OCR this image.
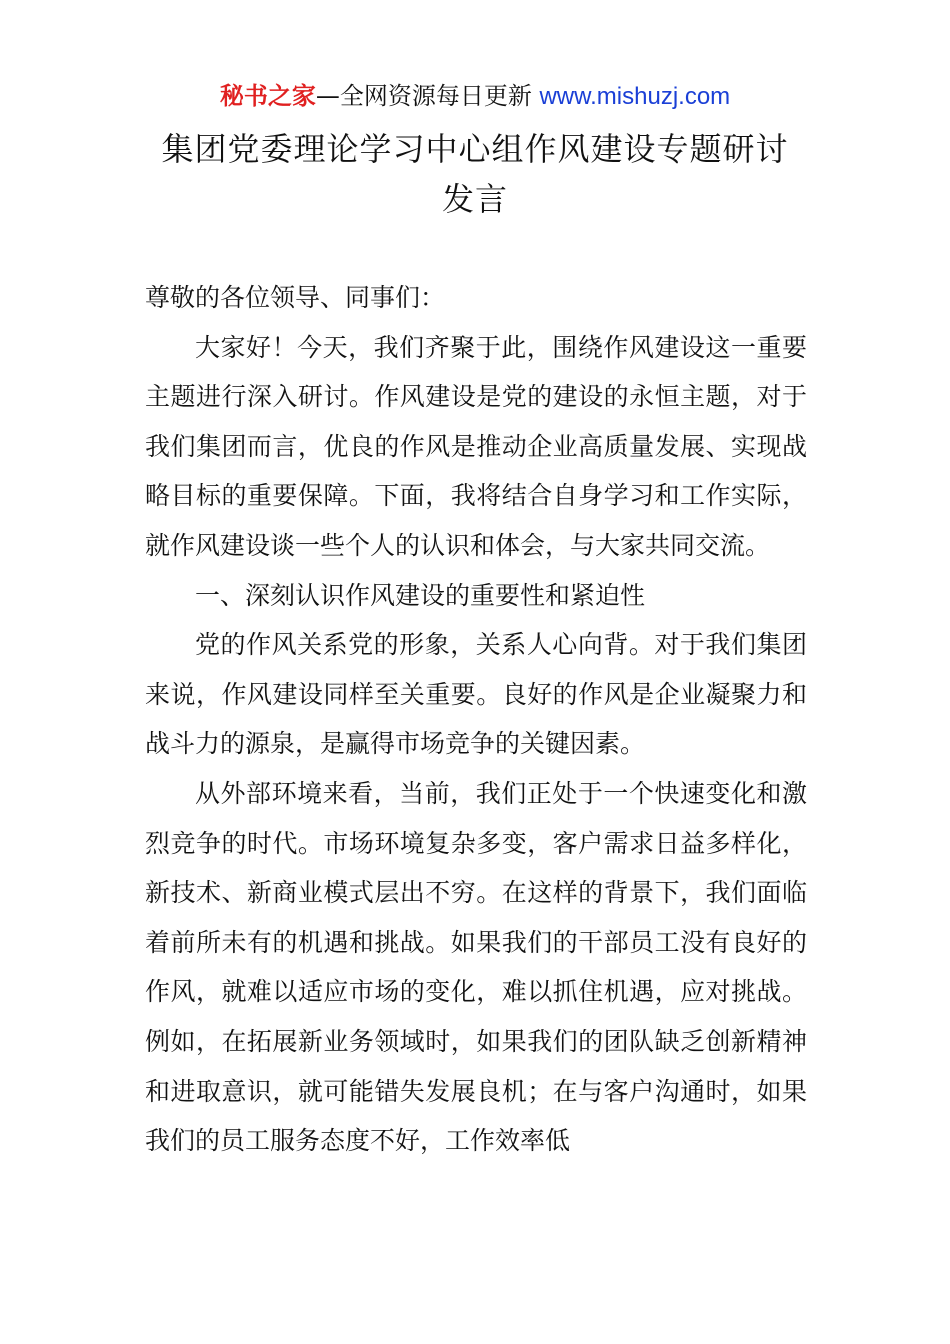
秘书之家—全网资源每日更新 www.mishuzj.com
集团党委理论学习中心组作风建设专题研讨
发言

尊敬的各位领导、同事们：

大家好！今天，我们齐聚于此，围绕作风建设这一重要主题进行深入研讨。作风建设是党的建设的永恒主题，对于我们集团而言，优良的作风是推动企业高质量发展、实现战略目标的重要保障。下面，我将结合自身学习和工作实际，就作风建设谈一些个人的认识和体会，与大家共同交流。

一、深刻认识作风建设的重要性和紧迫性

党的作风关系党的形象，关系人心向背。对于我们集团来说，作风建设同样至关重要。良好的作风是企业凝聚力和战斗力的源泉，是赢得市场竞争的关键因素。

从外部环境来看，当前，我们正处于一个快速变化和激烈竞争的时代。市场环境复杂多变，客户需求日益多样化，新技术、新商业模式层出不穷。在这样的背景下，我们面临着前所未有的机遇和挑战。如果我们的干部员工没有良好的作风，就难以适应市场的变化，难以抓住机遇，应对挑战。例如，在拓展新业务领域时，如果我们的团队缺乏创新精神和进取意识，就可能错失发展良机；在与客户沟通时，如果我们的员工服务态度不好，工作效率低
